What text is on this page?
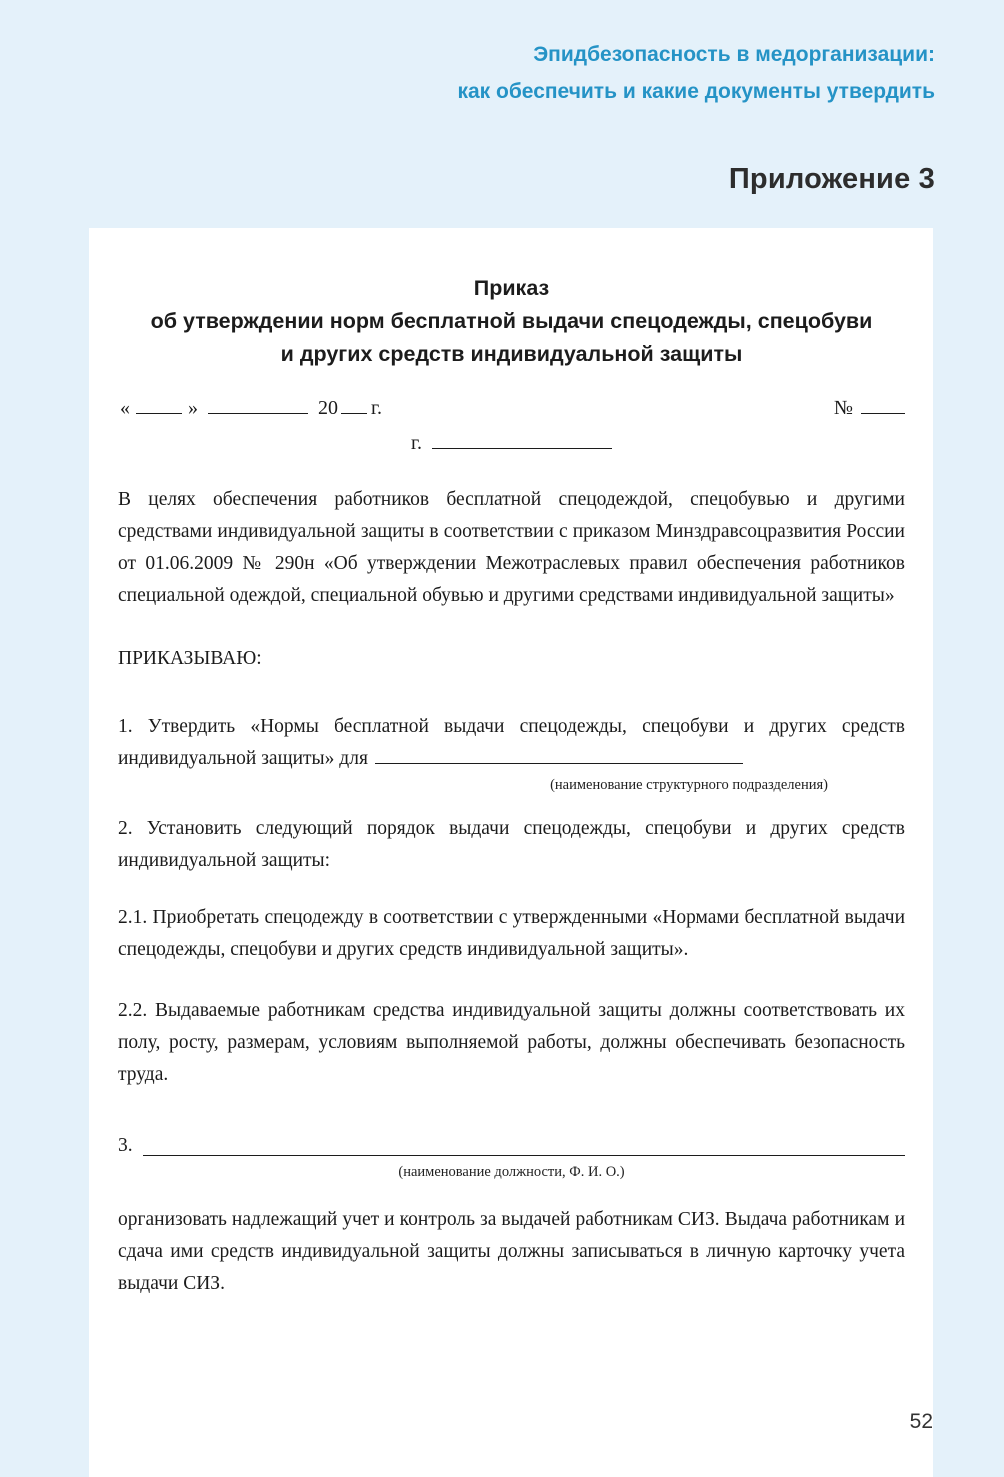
Эпидбезопасность в медорганизации:
как обеспечить и какие документы утвердить
Приложение 3
Приказ
об утверждении норм бесплатной выдачи спецодежды, спецобуви
и других средств индивидуальной защиты
«	»	20 г.	№
г.

В целях обеспечения работников бесплатной спецодеждой, спецобувью и другими средствами индивидуальной защиты в соответствии с приказом Минздравсоцразвития России от 01.06.2009 № 290н «Об утверждении Межотраслевых правил обеспечения работников специальной одеждой, специальной обувью и другими средствами индивидуальной защиты»

ПРИКАЗЫВАЮ:

1. Утвердить «Нормы бесплатной выдачи спецодежды, спецобуви и других средств индивидуальной защиты» для

(наименование структурного подразделения)

2. Установить следующий порядок выдачи спецодежды, спецобуви и других средств индивидуальной защиты:

2.1. Приобретать спецодежду в соответствии с утвержденными «Нормами бесплатной выдачи спецодежды, спецобуви и других средств индивидуальной защиты».

2.2. Выдаваемые работникам средства индивидуальной защиты должны соответствовать их полу, росту, размерам, условиям выполняемой работы, должны обеспечивать безопасность труда.

3.
(наименование должности, Ф. И. О.)

организовать надлежащий учет и контроль за выдачей работникам СИЗ. Выдача работникам и сдача ими средств индивидуальной защиты должны записываться в личную карточку учета выдачи СИЗ.

52
